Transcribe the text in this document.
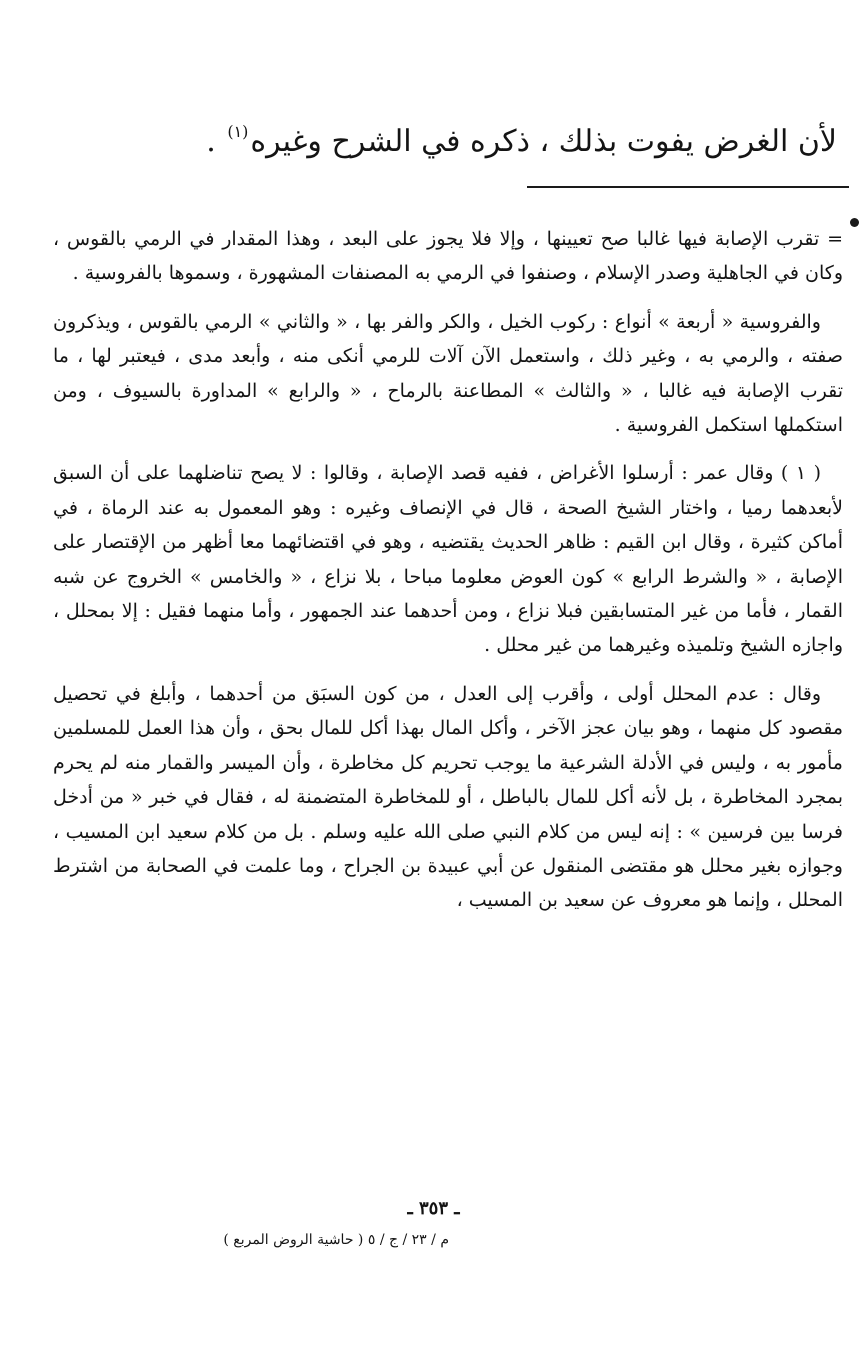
لأن الغرض يفوت بذلك ، ذكره في الشرح وغيره$^{(١)}$ .

= تقرب الإصابة فيها غالبا صح تعيينها ، وإلا فلا يجوز على البعد ، وهذا المقدار في الرمي بالقوس ، وكان في الجاهلية وصدر الإسلام ، وصنفوا في الرمي به المصنفات المشهورة ، وسموها بالفروسية .

والفروسية « أربعة » أنواع : ركوب الخيل ، والكر والفر بها ، « والثاني » الرمي بالقوس ، ويذكرون صفته ، والرمي به ، وغير ذلك ، واستعمل الآن آلات للرمي أنكى منه ، وأبعد مدى ، فيعتبر لها ، ما تقرب الإصابة فيه غالبا ، « والثالث » المطاعنة بالرماح ، « والرابع » المداورة بالسيوف ، ومن استكملها استكمل الفروسية .

( ١ ) وقال عمر : أرسلوا الأغراض ، ففيه قصد الإصابة ، وقالوا : لا يصح تناضلهما على أن السبق لأبعدهما رميا ، واختار الشيخ الصحة ، قال في الإنصاف وغيره : وهو المعمول به عند الرماة ، في أماكن كثيرة ، وقال ابن القيم : ظاهر الحديث يقتضيه ، وهو في اقتضائهما معا أظهر من الإقتصار على الإصابة ، « والشرط الرابع » كون العوض معلوما مباحا ، بلا نزاع ، « والخامس » الخروج عن شبه القمار ، فأما من غير المتسابقين فبلا نزاع ، ومن أحدهما عند الجمهور ، وأما منهما فقيل : إلا بمحلل ، واجازه الشيخ وتلميذه وغيرهما من غير محلل .

وقال : عدم المحلل أولى ، وأقرب إلى العدل ، من كون السبَق من أحدهما ، وأبلغ في تحصيل مقصود كل منهما ، وهو بيان عجز الآخر ، وأكل المال بهذا أكل للمال بحق ، وأن هذا العمل للمسلمين مأمور به ، وليس في الأدلة الشرعية ما يوجب تحريم كل مخاطرة ، وأن الميسر والقمار منه لم يحرم بمجرد المخاطرة ، بل لأنه أكل للمال بالباطل ، أو للمخاطرة المتضمنة له ، فقال في خبر « من أدخل فرسا بين فرسين » : إنه ليس من كلام النبي صلى الله عليه وسلم . بل من كلام سعيد ابن المسيب ، وجوازه بغير محلل هو مقتضى المنقول عن أبي عبيدة بن الجراح ، وما علمت في الصحابة من اشترط المحلل ، وإنما هو معروف عن سعيد بن المسيب ،

ـ ٣٥٣ ـ
م / ٢٣ / ج / ٥ ( حاشية الروض المربع )
